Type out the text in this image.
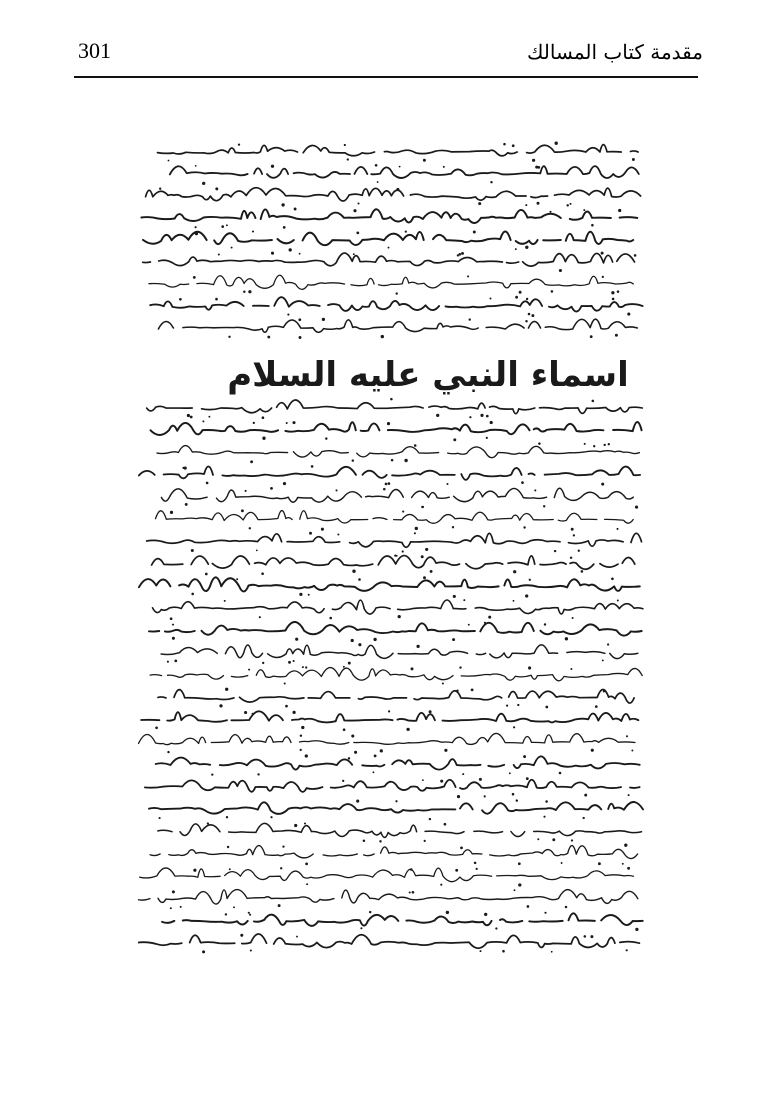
301	مقدمة كتاب المسالك
اسماء النبي عليه السلام
